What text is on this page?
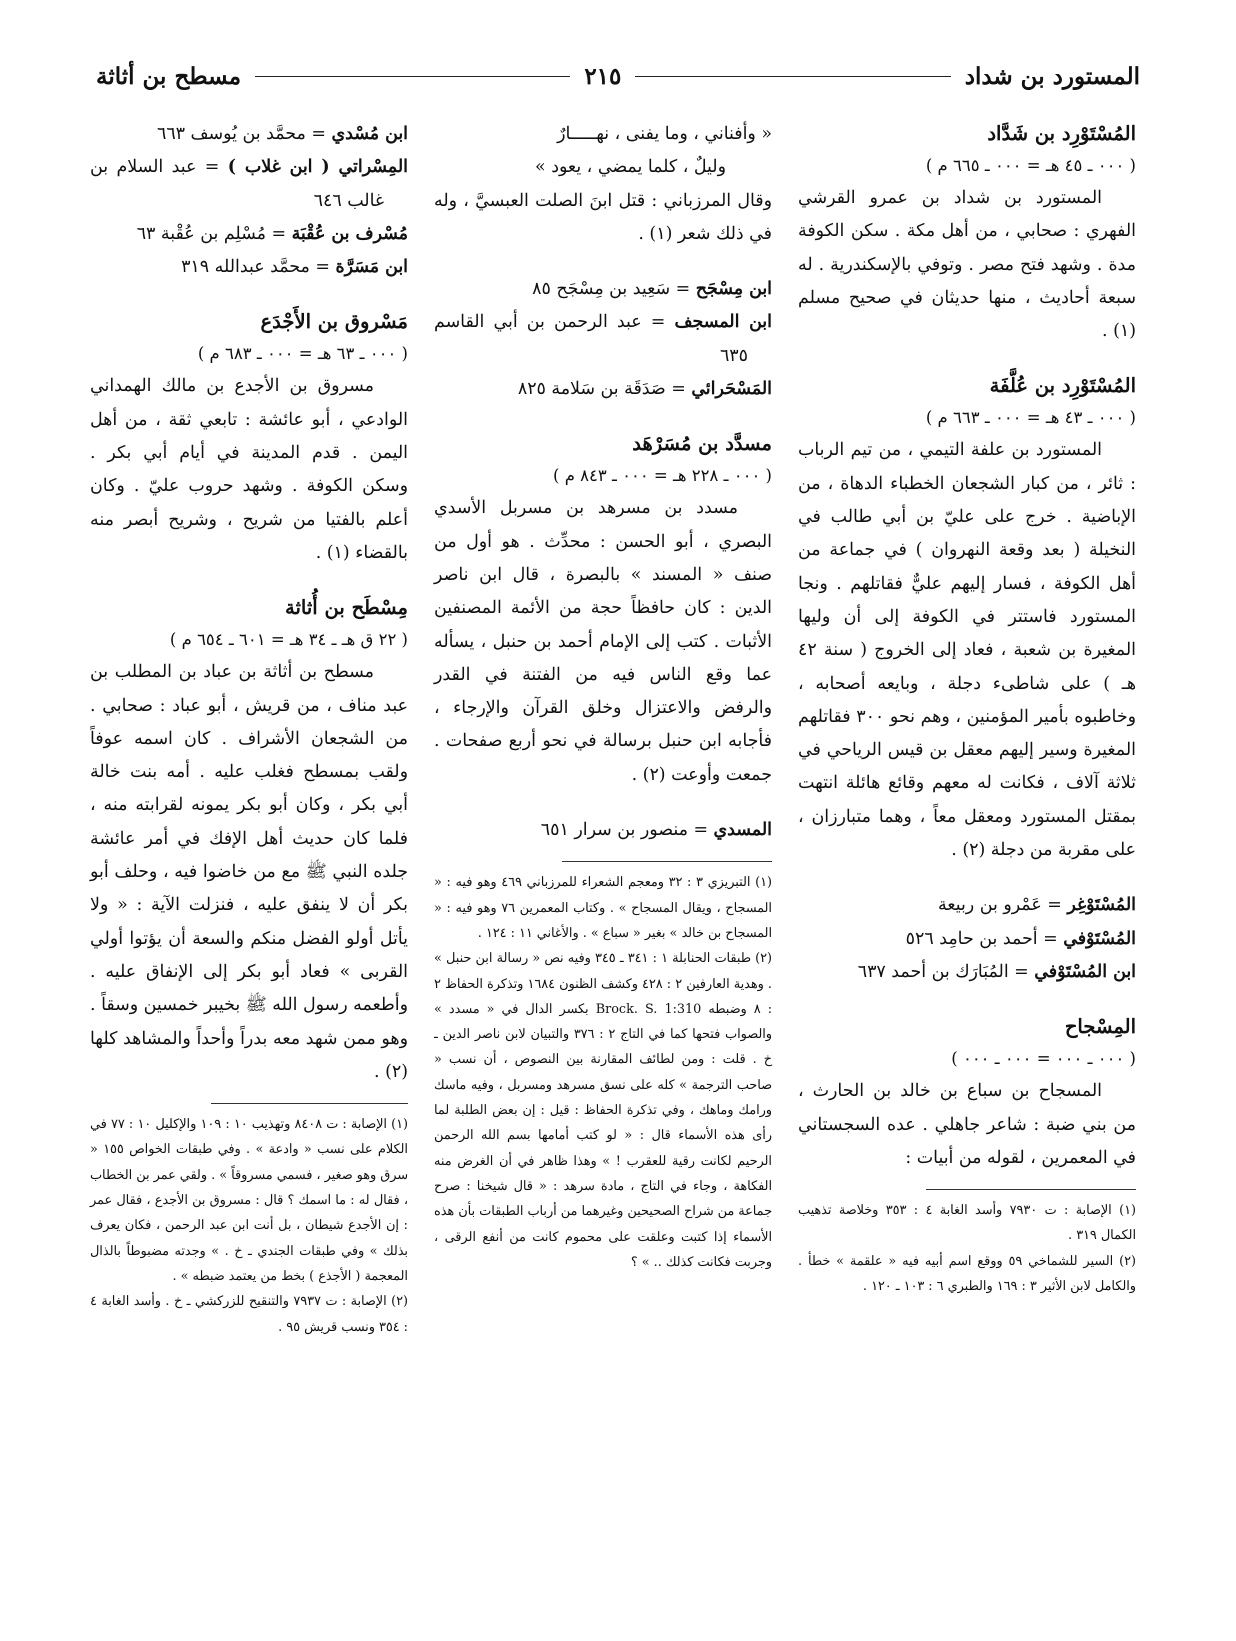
المستورد بن شداد
٢١٥
مسطح بن أثاثة

المُسْتَوْرِد بن شَدَّاد

( ٠٠٠ ـ ٤٥ هـ = ٠٠٠ ـ ٦٦٥ م )

المستورد بن شداد بن عمرو القرشي الفهري : صحابي ، من أهل مكة . سكن الكوفة مدة . وشهد فتح مصر . وتوفي بالإسكندرية . له سبعة أحاديث ، منها حديثان في صحيح مسلم (١) .

المُسْتَوْرِد بن عُلَّفَة

( ٠٠٠ ـ ٤٣ هـ = ٠٠٠ ـ ٦٦٣ م )

المستورد بن علفة التيمي ، من تيم الرباب : ثائر ، من كبار الشجعان الخطباء الدهاة ، من الإباضية . خرج على عليّ بن أبي طالب في النخيلة ( بعد وقعة النهروان ) في جماعة من أهل الكوفة ، فسار إليهم عليٌّ فقاتلهم . ونجا المستورد فاستتر في الكوفة إلى أن وليها المغيرة بن شعبة ، فعاد إلى الخروج ( سنة ٤٢ هـ ) على شاطىء دجلة ، وبايعه أصحابه ، وخاطبوه بأمير المؤمنين ، وهم نحو ٣٠٠ فقاتلهم المغيرة وسير إليهم معقل بن قيس الرياحي في ثلاثة آلاف ، فكانت له معهم وقائع هائلة انتهت بمقتل المستورد ومعقل معاً ، وهما متبارزان ، على مقربة من دجلة (٢) .

المُسْتَوْغِر = عَمْرو بن ربيعة

المُسْتَوْفي = أحمد بن حامِد ٥٢٦

ابن المُسْتَوْفي = المُبَارَك بن أحمد ٦٣٧

المِسْجاح

( ٠٠٠ ـ ٠٠٠ = ٠٠٠ ـ ٠٠٠ )

المسجاح بن سباع بن خالد بن الحارث ، من بني ضبة : شاعر جاهلي . عده السجستاني في المعمرين ، لقوله من أبيات :

(١) الإصابة : ت ٧٩٣٠ وأسد الغابة ٤ : ٣٥٣ وخلاصة تذهيب الكمال ٣١٩ .

(٢) السير للشماخي ٥٩ ووقع اسم أبيه فيه « علقمة » خطأ . والكامل لابن الأثير ٣ : ١٦٩ والطبري ٦ : ١٠٣ ـ ١٢٠ .

« وأفناني ، وما يفنى ، نهـــــارٌ

وليلٌ ، كلما يمضي ، يعود »

وقال المرزباني : قتل ابنَ الصلت العبسيَّ ، وله في ذلك شعر (١) .

ابن مِسْجَح = سَعِيد بن مِسْجَح ٨٥

ابن المسجف = عبد الرحمن بن أبي القاسم ٦٣٥

المَسْحَرائي = صَدَقَة بن سَلامة ٨٢٥

مسدَّد بن مُسَرْهَد

( ٠٠٠ ـ ٢٢٨ هـ = ٠٠٠ ـ ٨٤٣ م )

مسدد بن مسرهد بن مسربل الأسدي البصري ، أبو الحسن : محدِّث . هو أول من صنف « المسند » بالبصرة ، قال ابن ناصر الدين : كان حافظاً حجة من الأئمة المصنفين الأثبات . كتب إلى الإمام أحمد بن حنبل ، يسأله عما وقع الناس فيه من الفتنة في القدر والرفض والاعتزال وخلق القرآن والإرجاء ، فأجابه ابن حنبل برسالة في نحو أربع صفحات . جمعت وأوعت (٢) .

المسدي = منصور بن سرار ٦٥١

(١) التبريزي ٣ : ٣٢ ومعجم الشعراء للمرزباني ٤٦٩ وهو فيه : « المسجاح ، ويقال المسجاح » . وكتاب المعمرين ٧٦ وهو فيه : « المسجاح بن خالد » بغير « سباع » . والأغاني ١١ : ١٢٤ .

(٢) طبقات الحنابلة ١ : ٣٤١ ـ ٣٤٥ وفيه نص « رسالة ابن حنبل » . وهدية العارفين ٢ : ٤٢٨ وكشف الظنون ١٦٨٤ وتذكرة الحفاظ ٢ : ٨ وضبطه Brock. S. 1:310 بكسر الدال في « مسدد » والصواب فتحها كما في التاج ٢ : ٣٧٦ والتبيان لابن ناصر الدين ـ خ . قلت : ومن لطائف المقارنة بين النصوص ، أن نسب « صاحب الترجمة » كله على نسق مسرهد ومسربل ، وفيه ماسك ورامك وماهك ، وفي تذكرة الحفاظ : قيل : إن بعض الطلبة لما رأى هذه الأسماء قال : « لو كتب أمامها بسم الله الرحمن الرحيم لكانت رقية للعقرب ! » وهذا ظاهر في أن الغرض منه الفكاهة ، وجاء في التاج ، مادة سرهد : « قال شيخنا : صرح جماعة من شراح الصحيحين وغيرهما من أرباب الطبقات بأن هذه الأسماء إذا كتبت وعلقت على محموم كانت من أنفع الرقى ، وجربت فكانت كذلك .. » ؟

ابن مُسْدي = محمَّد بن يُوسف ٦٦٣

المِسْراتي ( ابن غلاب ) = عبد السلام بن غالب ٦٤٦

مُسْرف بن عُقْبَة = مُسْلِم بن عُقْبة ٦٣

ابن مَسَرَّة = محمَّد عبدالله ٣١٩

مَسْروق بن الأَجْدَع

( ٠٠٠ ـ ٦٣ هـ = ٠٠٠ ـ ٦٨٣ م )

مسروق بن الأجدع بن مالك الهمداني الوادعي ، أبو عائشة : تابعي ثقة ، من أهل اليمن . قدم المدينة في أيام أبي بكر . وسكن الكوفة . وشهد حروب عليّ . وكان أعلم بالفتيا من شريح ، وشريح أبصر منه بالقضاء (١) .

مِسْطَح بن أُثاثة

( ٢٢ ق هـ ـ ٣٤ هـ = ٦٠١ ـ ٦٥٤ م )

مسطح بن أثاثة بن عباد بن المطلب بن عبد مناف ، من قريش ، أبو عباد : صحابي . من الشجعان الأشراف . كان اسمه عوفاً ولقب بمسطح فغلب عليه . أمه بنت خالة أبي بكر ، وكان أبو بكر يمونه لقرابته منه ، فلما كان حديث أهل الإفك في أمر عائشة جلده النبي ﷺ مع من خاضوا فيه ، وحلف أبو بكر أن لا ينفق عليه ، فنزلت الآية : « ولا يأتل أولو الفضل منكم والسعة أن يؤتوا أولي القربى » فعاد أبو بكر إلى الإنفاق عليه . وأطعمه رسول الله ﷺ بخيبر خمسين وسقاً . وهو ممن شهد معه بدراً وأحداً والمشاهد كلها (٢) .

(١) الإصابة : ت ٨٤٠٨ وتهذيب ١٠ : ١٠٩ والإكليل ١٠ : ٧٧ في الكلام على نسب « وادعة » . وفي طبقات الخواص ١٥٥ « سرق وهو صغير ، فسمي مسروقاً » . ولقي عمر بن الخطاب ، فقال له : ما اسمك ؟ قال : مسروق بن الأجدع ، فقال عمر : إن الأجدع شيطان ، بل أنت ابن عبد الرحمن ، فكان يعرف بذلك » وفي طبقات الجندي ـ خ . » وجدته مضبوطاً بالذال المعجمة ( الأجذع ) بخط من يعتمد ضبطه » .

(٢) الإصابة : ت ٧٩٣٧ والتنقيح للزركشي ـ خ . وأسد الغابة ٤ : ٣٥٤ ونسب قريش ٩٥ .
